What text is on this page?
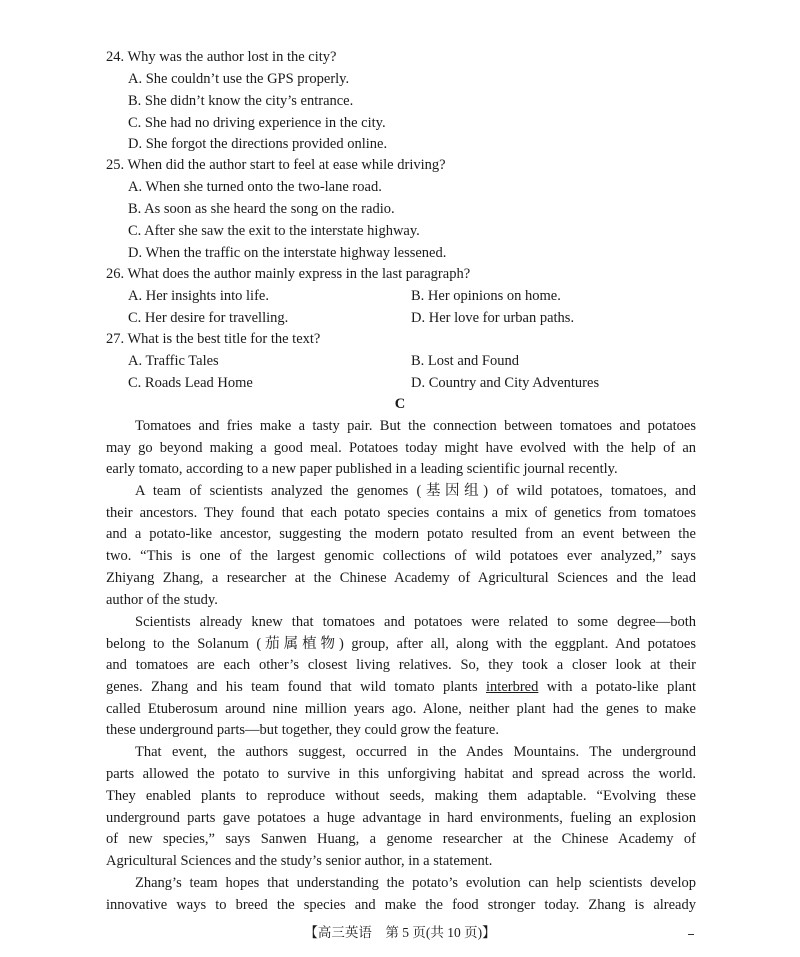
24. Why was the author lost in the city?
A. She couldn’t use the GPS properly.
B. She didn’t know the city’s entrance.
C. She had no driving experience in the city.
D. She forgot the directions provided online.
25. When did the author start to feel at ease while driving?
A. When she turned onto the two-lane road.
B. As soon as she heard the song on the radio.
C. After she saw the exit to the interstate highway.
D. When the traffic on the interstate highway lessened.
26. What does the author mainly express in the last paragraph?
A. Her insights into life.	B. Her opinions on home.
C. Her desire for travelling.	D. Her love for urban paths.
27. What is the best title for the text?
A. Traffic Tales	B. Lost and Found
C. Roads Lead Home	D. Country and City Adventures
C
Tomatoes and fries make a tasty pair. But the connection between tomatoes and potatoes
may go beyond making a good meal. Potatoes today might have evolved with the help of an
early tomato, according to a new paper published in a leading scientific journal recently.
A team of scientists analyzed the genomes (基因组) of wild potatoes, tomatoes, and
their ancestors. They found that each potato species contains a mix of genetics from tomatoes
and a potato-like ancestor, suggesting the modern potato resulted from an event between the
two. “This is one of the largest genomic collections of wild potatoes ever analyzed,” says
Zhiyang Zhang, a researcher at the Chinese Academy of Agricultural Sciences and the lead
author of the study.
Scientists already knew that tomatoes and potatoes were related to some degree—both
belong to the Solanum (茄属植物) group, after all, along with the eggplant. And potatoes
and tomatoes are each other’s closest living relatives. So, they took a closer look at their
genes. Zhang and his team found that wild tomato plants interbred with a potato-like plant
called Etuberosum around nine million years ago. Alone, neither plant had the genes to make
these underground parts—but together, they could grow the feature.
That event, the authors suggest, occurred in the Andes Mountains. The underground
parts allowed the potato to survive in this unforgiving habitat and spread across the world.
They enabled plants to reproduce without seeds, making them adaptable. “Evolving these
underground parts gave potatoes a huge advantage in hard environments, fueling an explosion
of new species,” says Sanwen Huang, a genome researcher at the Chinese Academy of
Agricultural Sciences and the study’s senior author, in a statement.
Zhang’s team hopes that understanding the potato’s evolution can help scientists develop
innovative ways to breed the species and make the food stronger today. Zhang is already
【高三英语　第 5 页(共 10 页)】
